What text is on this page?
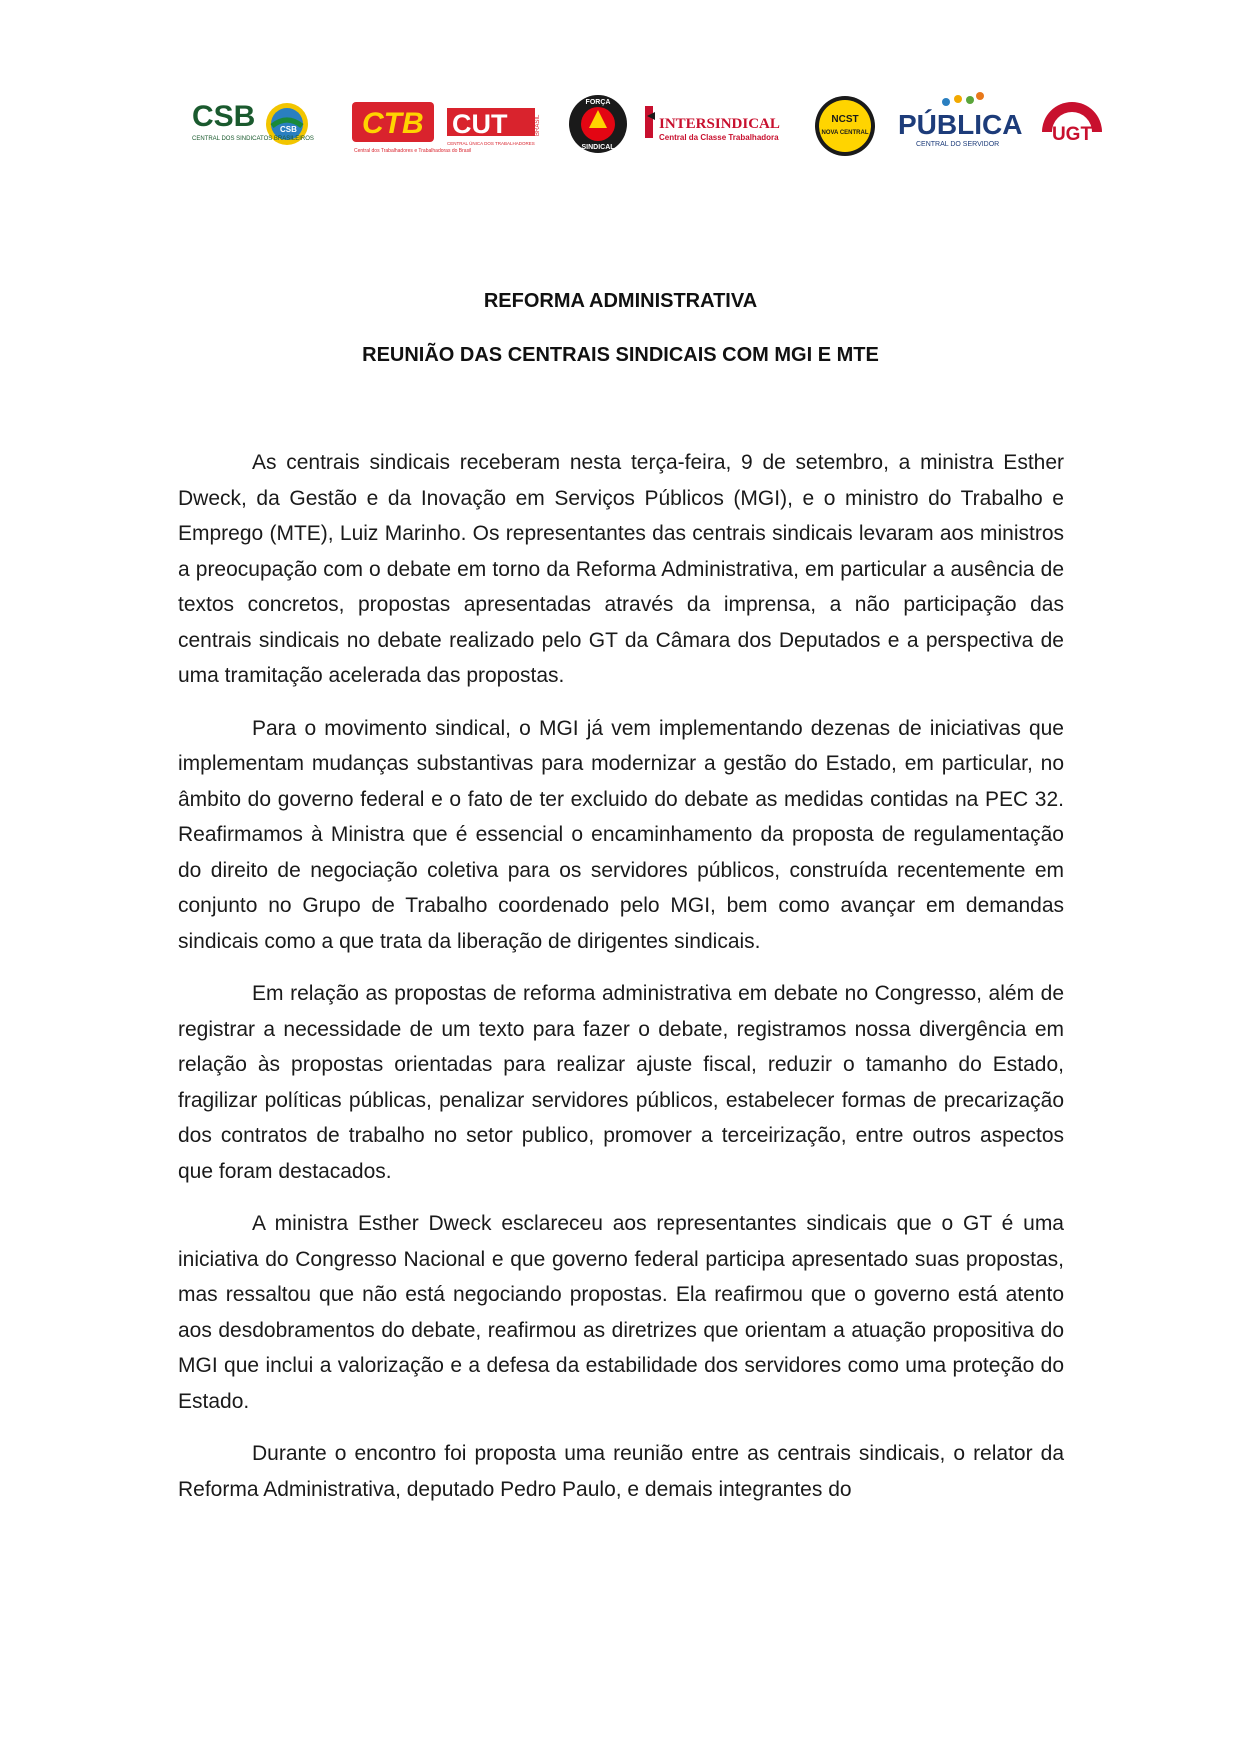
CSB	CSB
CENTRAL DOS SINDICATOS BRASILEIROS CTB
Central dos Trabalhadores e Trabalhadoras do Brasil
CUT	BRASIL
CENTRAL ÚNICA DOS TRABALHADORES
FORÇA
SINDICAL
INTERSINDICAL
Central da Classe Trabalhadora
NCST
NOVA CENTRAL PÚBLICA
CENTRAL DO SERVIDOR	UGT

REFORMA ADMINISTRATIVA

REUNIÃO DAS CENTRAIS SINDICAIS COM MGI E MTE

As centrais sindicais receberam nesta terça-feira, 9 de setembro, a ministra Esther Dweck, da Gestão e da Inovação em Serviços Públicos (MGI), e o ministro do Trabalho e Emprego (MTE), Luiz Marinho. Os representantes das centrais sindicais levaram aos ministros a preocupação com o debate em torno da Reforma Administrativa, em particular a ausência de textos concretos, propostas apresentadas através da imprensa, a não participação das centrais sindicais no debate realizado pelo GT da Câmara dos Deputados e a perspectiva de uma tramitação acelerada das propostas.

Para o movimento sindical, o MGI já vem implementando dezenas de iniciativas que implementam mudanças substantivas para modernizar a gestão do Estado, em particular, no âmbito do governo federal e o fato de ter excluido do debate as medidas contidas na PEC 32. Reafirmamos à Ministra que é essencial o encaminhamento da proposta de regulamentação do direito de negociação coletiva para os servidores públicos, construída recentemente em conjunto no Grupo de Trabalho coordenado pelo MGI, bem como avançar em demandas sindicais como a que trata da liberação de dirigentes sindicais.

Em relação as propostas de reforma administrativa em debate no Congresso, além de registrar a necessidade de um texto para fazer o debate, registramos nossa divergência em relação às propostas orientadas para realizar ajuste fiscal, reduzir o tamanho do Estado, fragilizar políticas públicas, penalizar servidores públicos, estabelecer formas de precarização dos contratos de trabalho no setor publico, promover a terceirização, entre outros aspectos que foram destacados.

A ministra Esther Dweck esclareceu aos representantes sindicais que o GT é uma iniciativa do Congresso Nacional e que governo federal participa apresentado suas propostas, mas ressaltou que não está negociando propostas. Ela reafirmou que o governo está atento aos desdobramentos do debate, reafirmou as diretrizes que orientam a atuação propositiva do MGI que inclui a valorização e a defesa da estabilidade dos servidores como uma proteção do Estado.

Durante o encontro foi proposta uma reunião entre as centrais sindicais, o relator da Reforma Administrativa, deputado Pedro Paulo, e demais integrantes do
